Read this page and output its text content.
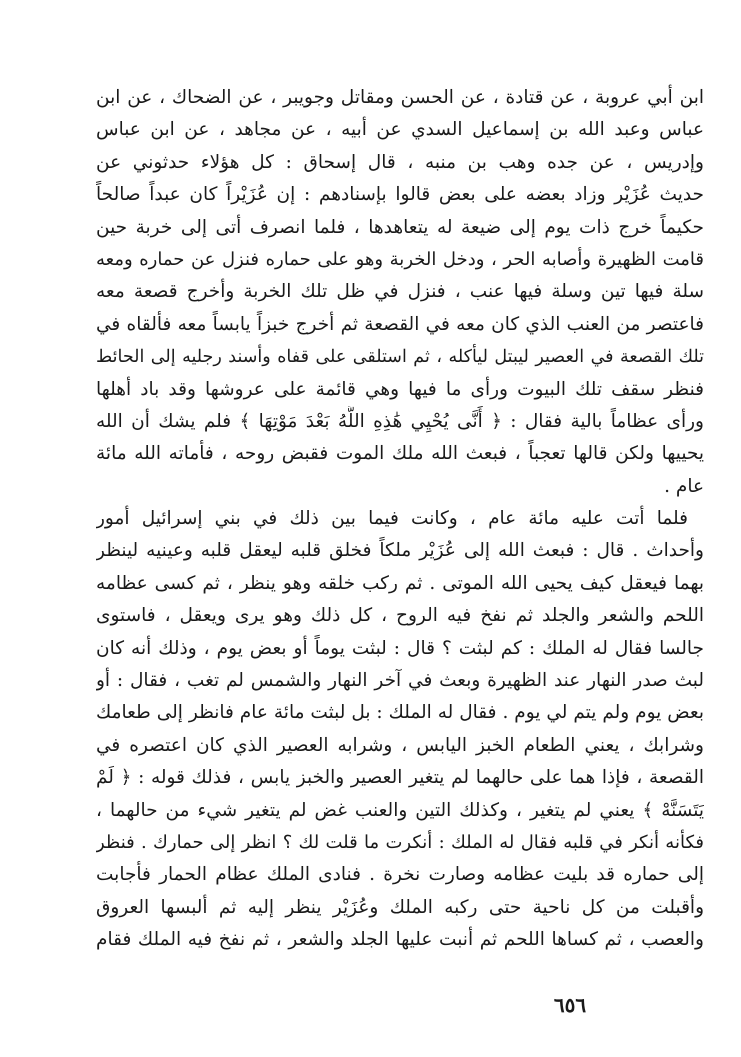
ابن أبي عروبة ، عن قتادة ، عن الحسن ومقاتل وجويبر ، عن الضحاك ، عن ابن
عباس وعبد الله بن إسماعيل السدي عن أبيه ، عن مجاهد ، عن ابن عباس
وإدريس ، عن جده وهب بن منبه ، قال إسحاق : كل هؤلاء حدثوني عن
حديث عُزَيْر وزاد بعضه على بعض قالوا بإسنادهم : إن عُزَيْراً كان عبداً صالحاً
حكيماً خرج ذات يوم إلى ضيعة له يتعاهدها ، فلما انصرف أتى إلى خربة حين
قامت الظهيرة وأصابه الحر ، ودخل الخربة وهو على حماره فنزل عن حماره ومعه
سلة فيها تين وسلة فيها عنب ، فنزل في ظل تلك الخربة وأخرج قصعة معه
فاعتصر من العنب الذي كان معه في القصعة ثم أخرج خبزاً يابساً معه فألقاه في
تلك القصعة في العصير ليبتل ليأكله ، ثم استلقى على قفاه وأسند رجليه إلى الحائط
فنظر سقف تلك البيوت ورأى ما فيها وهي قائمة على عروشها وقد باد أهلها
ورأى عظاماً بالية فقال : ﴿ أَنَّى يُحْيِي هَٰذِهِ اللَّهُ بَعْدَ مَوْتِهَا ﴾ فلم يشك أن الله
يحييها ولكن قالها تعجباً ، فبعث الله ملك الموت فقبض روحه ، فأماته الله مائة
عام .
فلما أتت عليه مائة عام ، وكانت فيما بين ذلك في بني إسرائيل أمور
وأحداث . قال : فبعث الله إلى عُزَيْر ملكاً فخلق قلبه ليعقل قلبه وعينيه لينظر
بهما فيعقل كيف يحيى الله الموتى . ثم ركب خلقه وهو ينظر ، ثم كسى عظامه
اللحم والشعر والجلد ثم نفخ فيه الروح ، كل ذلك وهو يرى ويعقل ، فاستوى
جالسا فقال له الملك : كم لبثت ؟ قال : لبثت يوماً أو بعض يوم ، وذلك أنه كان
لبث صدر النهار عند الظهيرة وبعث في آخر النهار والشمس لم تغب ، فقال : أو
بعض يوم ولم يتم لي يوم . فقال له الملك : بل لبثت مائة عام فانظر إلى طعامك
وشرابك ، يعني الطعام الخبز اليابس ، وشرابه العصير الذي كان اعتصره في
القصعة ، فإذا هما على حالهما لم يتغير العصير والخبز يابس ، فذلك قوله : ﴿ لَمْ
يَتَسَنَّهْ ﴾ يعني لم يتغير ، وكذلك التين والعنب غض لم يتغير شيء من حالهما ،
فكأنه أنكر في قلبه فقال له الملك : أنكرت ما قلت لك ؟ انظر إلى حمارك . فنظر
إلى حماره قد بليت عظامه وصارت نخرة . فنادى الملك عظام الحمار فأجابت
وأقبلت من كل ناحية حتى ركبه الملك وعُزَيْر ينظر إليه ثم ألبسها العروق
والعصب ، ثم كساها اللحم ثم أنبت عليها الجلد والشعر ، ثم نفخ فيه الملك فقام
٦٥٦
